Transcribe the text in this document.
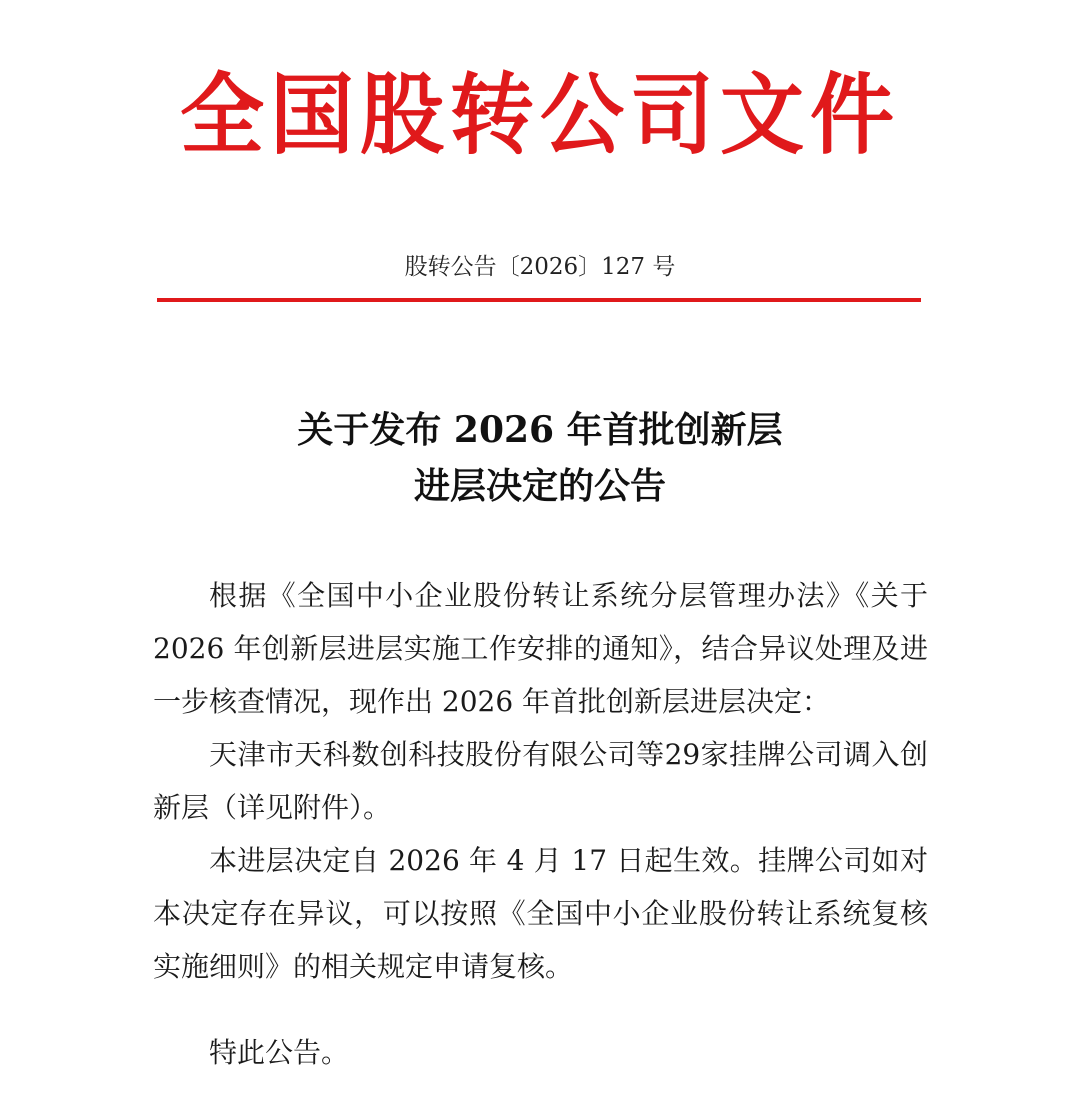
全国股转公司文件
股转公告〔2026〕127 号
关于发布 2026 年首批创新层
进层决定的公告

根据《全国中小企业股份转让系统分层管理办法》《关于 2026 年创新层进层实施工作安排的通知》，结合异议处理及进一步核查情况，现作出 2026 年首批创新层进层决定：

天津市天科数创科技股份有限公司等29家挂牌公司调入创新层（详见附件）。

本进层决定自 2026 年 4 月 17 日起生效。挂牌公司如对本决定存在异议，可以按照《全国中小企业股份转让系统复核实施细则》的相关规定申请复核。

特此公告。
